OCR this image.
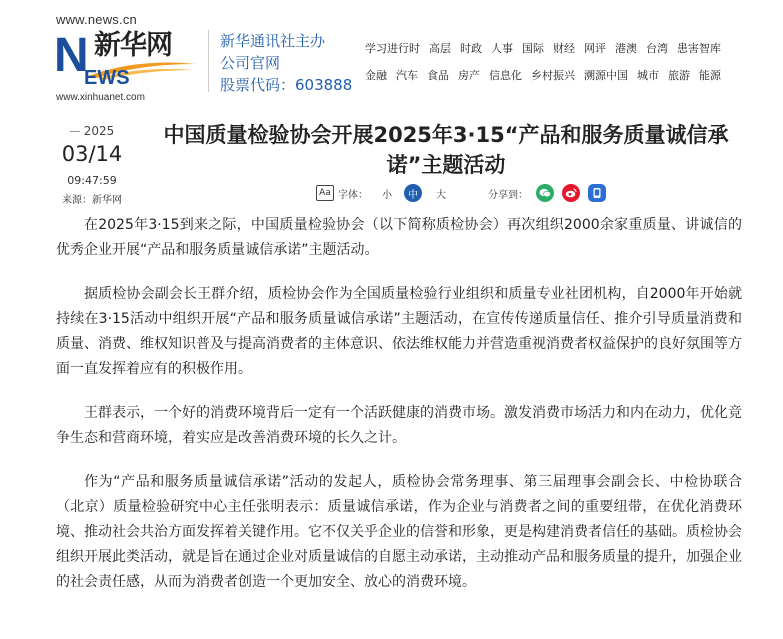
www.news.cn
N 新华网
EWS
www.xinhuanet.com
新华通讯社主办
公司官网
股票代码：603888
学习进行时 高层 时政 人事 国际 财经 网评 港澳 台湾 患害智库
金融 汽车 食品 房产 信息化 乡村振兴 溯源中国 城市 旅游 能源
2025
03/14
09:47:59
来源：新华网
中国质量检验协会开展2025年3·15“产品和服务质量诚信承诺”主题活动
Aa 字体： 小	中	大	分享到：

在2025年3·15到来之际，中国质量检验协会（以下简称质检协会）再次组织2000余家重质量、讲诚信的优秀企业开展“产品和服务质量诚信承诺”主题活动。

据质检协会副会长王群介绍，质检协会作为全国质量检验行业组织和质量专业社团机构，自2000年开始就持续在3·15活动中组织开展“产品和服务质量诚信承诺”主题活动，在宣传传递质量信任、推介引导质量消费和质量、消费、维权知识普及与提高消费者的主体意识、依法维权能力并营造重视消费者权益保护的良好氛围等方面一直发挥着应有的积极作用。

王群表示，一个好的消费环境背后一定有一个活跃健康的消费市场。激发消费市场活力和内在动力，优化竞争生态和营商环境，着实应是改善消费环境的长久之计。

作为“产品和服务质量诚信承诺”活动的发起人，质检协会常务理事、第三届理事会副会长、中检协联合（北京）质量检验研究中心主任张明表示：质量诚信承诺，作为企业与消费者之间的重要纽带，在优化消费环境、推动社会共治方面发挥着关键作用。它不仅关乎企业的信誉和形象，更是构建消费者信任的基础。质检协会组织开展此类活动，就是旨在通过企业对质量诚信的自愿主动承诺，主动推动产品和服务质量的提升，加强企业的社会责任感，从而为消费者创造一个更加安全、放心的消费环境。
